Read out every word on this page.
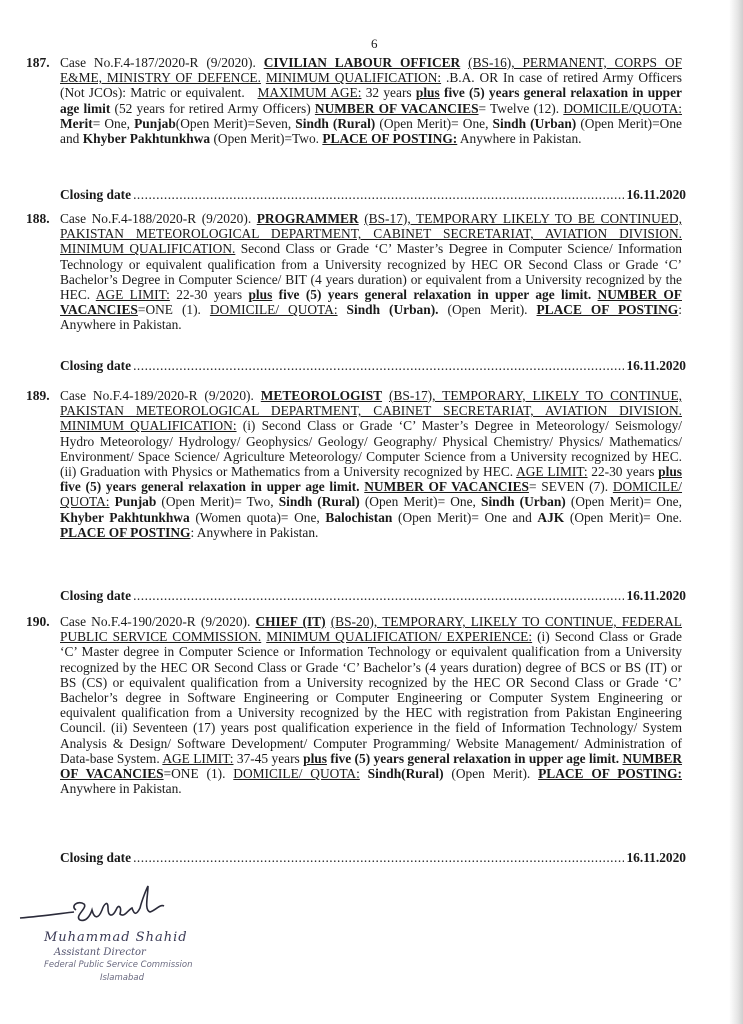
6
187. Case No.F.4-187/2020-R (9/2020). CIVILIAN LABOUR OFFICER (BS-16), PERMANENT, CORPS OF E&ME, MINISTRY OF DEFENCE. MINIMUM QUALIFICATION: .B.A. OR In case of retired Army Officers (Not JCOs): Matric or equivalent. MAXIMUM AGE: 32 years plus five (5) years general relaxation in upper age limit (52 years for retired Army Officers) NUMBER OF VACANCIES= Twelve (12). DOMICILE/QUOTA: Merit= One, Punjab(Open Merit)=Seven, Sindh (Rural) (Open Merit)= One, Sindh (Urban) (Open Merit)=One and Khyber Pakhtunkhwa (Open Merit)=Two. PLACE OF POSTING: Anywhere in Pakistan.
Closing date .....	16.11.2020
188. Case No.F.4-188/2020-R (9/2020). PROGRAMMER (BS-17), TEMPORARY LIKELY TO BE CONTINUED, PAKISTAN METEOROLOGICAL DEPARTMENT, CABINET SECRETARIAT, AVIATION DIVISION. MINIMUM QUALIFICATION. Second Class or Grade ‘C’ Master’s Degree in Computer Science/ Information Technology or equivalent qualification from a University recognized by HEC OR Second Class or Grade ‘C’ Bachelor’s Degree in Computer Science/ BIT (4 years duration) or equivalent from a University recognized by the HEC. AGE LIMIT: 22-30 years plus five (5) years general relaxation in upper age limit. NUMBER OF VACANCIES=ONE (1). DOMICILE/ QUOTA: Sindh (Urban). (Open Merit). PLACE OF POSTING: Anywhere in Pakistan.
Closing date .....	16.11.2020
189. Case No.F.4-189/2020-R (9/2020). METEOROLOGIST (BS-17), TEMPORARY, LIKELY TO CONTINUE, PAKISTAN METEOROLOGICAL DEPARTMENT, CABINET SECRETARIAT, AVIATION DIVISION. MINIMUM QUALIFICATION: (i) Second Class or Grade ‘C’ Master’s Degree in Meteorology/ Seismology/ Hydro Meteorology/ Hydrology/ Geophysics/ Geology/ Geography/ Physical Chemistry/ Physics/ Mathematics/ Environment/ Space Science/ Agriculture Meteorology/ Computer Science from a University recognized by HEC. (ii) Graduation with Physics or Mathematics from a University recognized by HEC. AGE LIMIT: 22-30 years plus five (5) years general relaxation in upper age limit. NUMBER OF VACANCIES= SEVEN (7). DOMICILE/ QUOTA: Punjab (Open Merit)= Two, Sindh (Rural) (Open Merit)= One, Sindh (Urban) (Open Merit)= One, Khyber Pakhtunkhwa (Women quota)= One, Balochistan (Open Merit)= One and AJK (Open Merit)= One. PLACE OF POSTING: Anywhere in Pakistan.
Closing date .....	16.11.2020
190. Case No.F.4-190/2020-R (9/2020). CHIEF (IT) (BS-20), TEMPORARY, LIKELY TO CONTINUE, FEDERAL PUBLIC SERVICE COMMISSION. MINIMUM QUALIFICATION/ EXPERIENCE: (i) Second Class or Grade ‘C’ Master degree in Computer Science or Information Technology or equivalent qualification from a University recognized by the HEC OR Second Class or Grade ‘C’ Bachelor’s (4 years duration) degree of BCS or BS (IT) or BS (CS) or equivalent qualification from a University recognized by the HEC OR Second Class or Grade ‘C’ Bachelor’s degree in Software Engineering or Computer Engineering or Computer System Engineering or equivalent qualification from a University recognized by the HEC with registration from Pakistan Engineering Council. (ii) Seventeen (17) years post qualification experience in the field of Information Technology/ System Analysis & Design/ Software Development/ Computer Programming/ Website Management/ Administration of Data-base System. AGE LIMIT: 37-45 years plus five (5) years general relaxation in upper age limit. NUMBER OF VACANCIES=ONE (1). DOMICILE/ QUOTA: Sindh(Rural) (Open Merit). PLACE OF POSTING: Anywhere in Pakistan.
Closing date .....	16.11.2020
Muhammad Shahid
Assistant Director
Federal Public Service Commission
Islamabad
